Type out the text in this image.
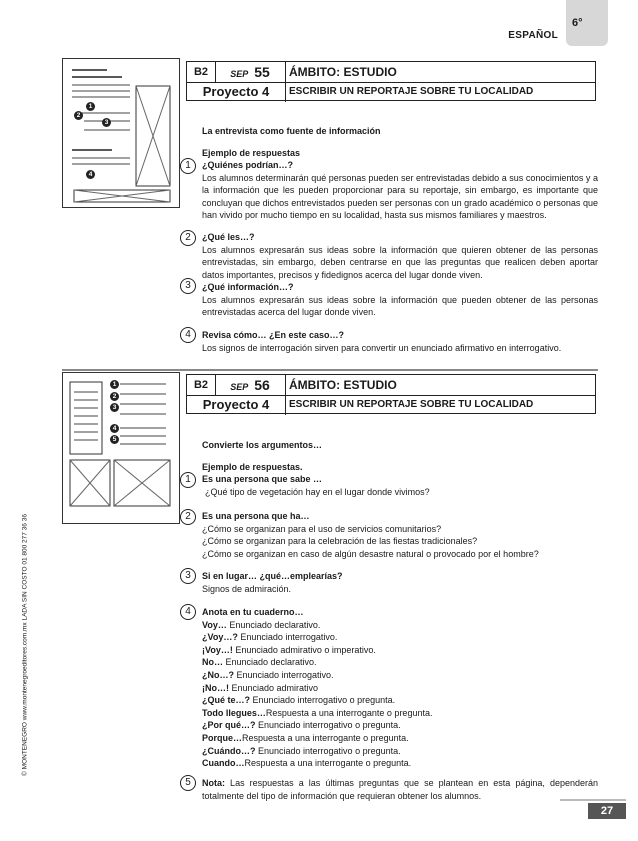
6°
ESPAÑOL
1
2
3
4
B2	SEP 55	ÁMBITO: ESTUDIO
Proyecto 4	ESCRIBIR UN REPORTAJE SOBRE TU LOCALIDAD
La entrevista como fuente de información
Ejemplo de respuestas
1	¿Quiénes podrían…?

Los alumnos determinarán qué personas pueden ser entrevistadas debido a sus conocimientos y a la información que les pueden proporcionar para su reportaje, sin embargo, es importante que concluyan que dichos entrevistados pueden ser personas con un grado académico o personas que han vivido por mucho tiempo en su localidad, hasta sus mismos familiares y maestros.

2	¿Qué les…?

Los alumnos expresarán sus ideas sobre la información que quieren obtener de las personas entrevistadas, sin embargo, deben centrarse en que las preguntas que realicen deben aportar datos importantes, precisos y fidedignos acerca del lugar donde viven.

3	¿Qué información…?

Los alumnos expresarán sus ideas sobre la información que pueden obtener de las personas entrevistadas acerca del lugar donde viven.

4	Revisa cómo… ¿En este caso…?

Los signos de interrogación sirven para convertir un enunciado afirmativo en interrogativo.

1
2
3
4
5
B2	SEP 56	ÁMBITO: ESTUDIO
Proyecto 4	ESCRIBIR UN REPORTAJE SOBRE TU LOCALIDAD
Convierte los argumentos…
Ejemplo de respuestas.
1	Es una persona que sabe …

¿Qué tipo de vegetación hay en el lugar donde vivimos?

2	Es una persona que ha…

¿Cómo se organizan para el uso de servicios comunitarios?

¿Cómo se organizan para la celebración de las fiestas tradicionales?

¿Cómo se organizan en caso de algún desastre natural o provocado por el hombre?

3	Si en lugar… ¿qué…emplearías?

Signos de admiración.

4	Anota en tu cuaderno…

Voy… Enunciado declarativo.

¿Voy…? Enunciado interrogativo.

¡Voy…! Enunciado admirativo o imperativo.

No… Enunciado declarativo.

¿No…? Enunciado interrogativo.

¡No…! Enunciado admirativo

¿Qué te…? Enunciado interrogativo o pregunta.

Todo llegues…Respuesta a una interrogante o pregunta.

¿Por qué…? Enunciado interrogativo o pregunta.

Porque…Respuesta a una interrogante o pregunta.

¿Cuándo…? Enunciado interrogativo o pregunta.

Cuando…Respuesta a una interrogante o pregunta.

5	Nota: Las respuestas a las últimas preguntas que se plantean en esta página, dependerán totalmente del tipo de información que requieran obtener los alumnos.

© MONTENEGRO www.montenegroeditores.com.mx LADA SIN COSTO 01 800 277 36 36
27
